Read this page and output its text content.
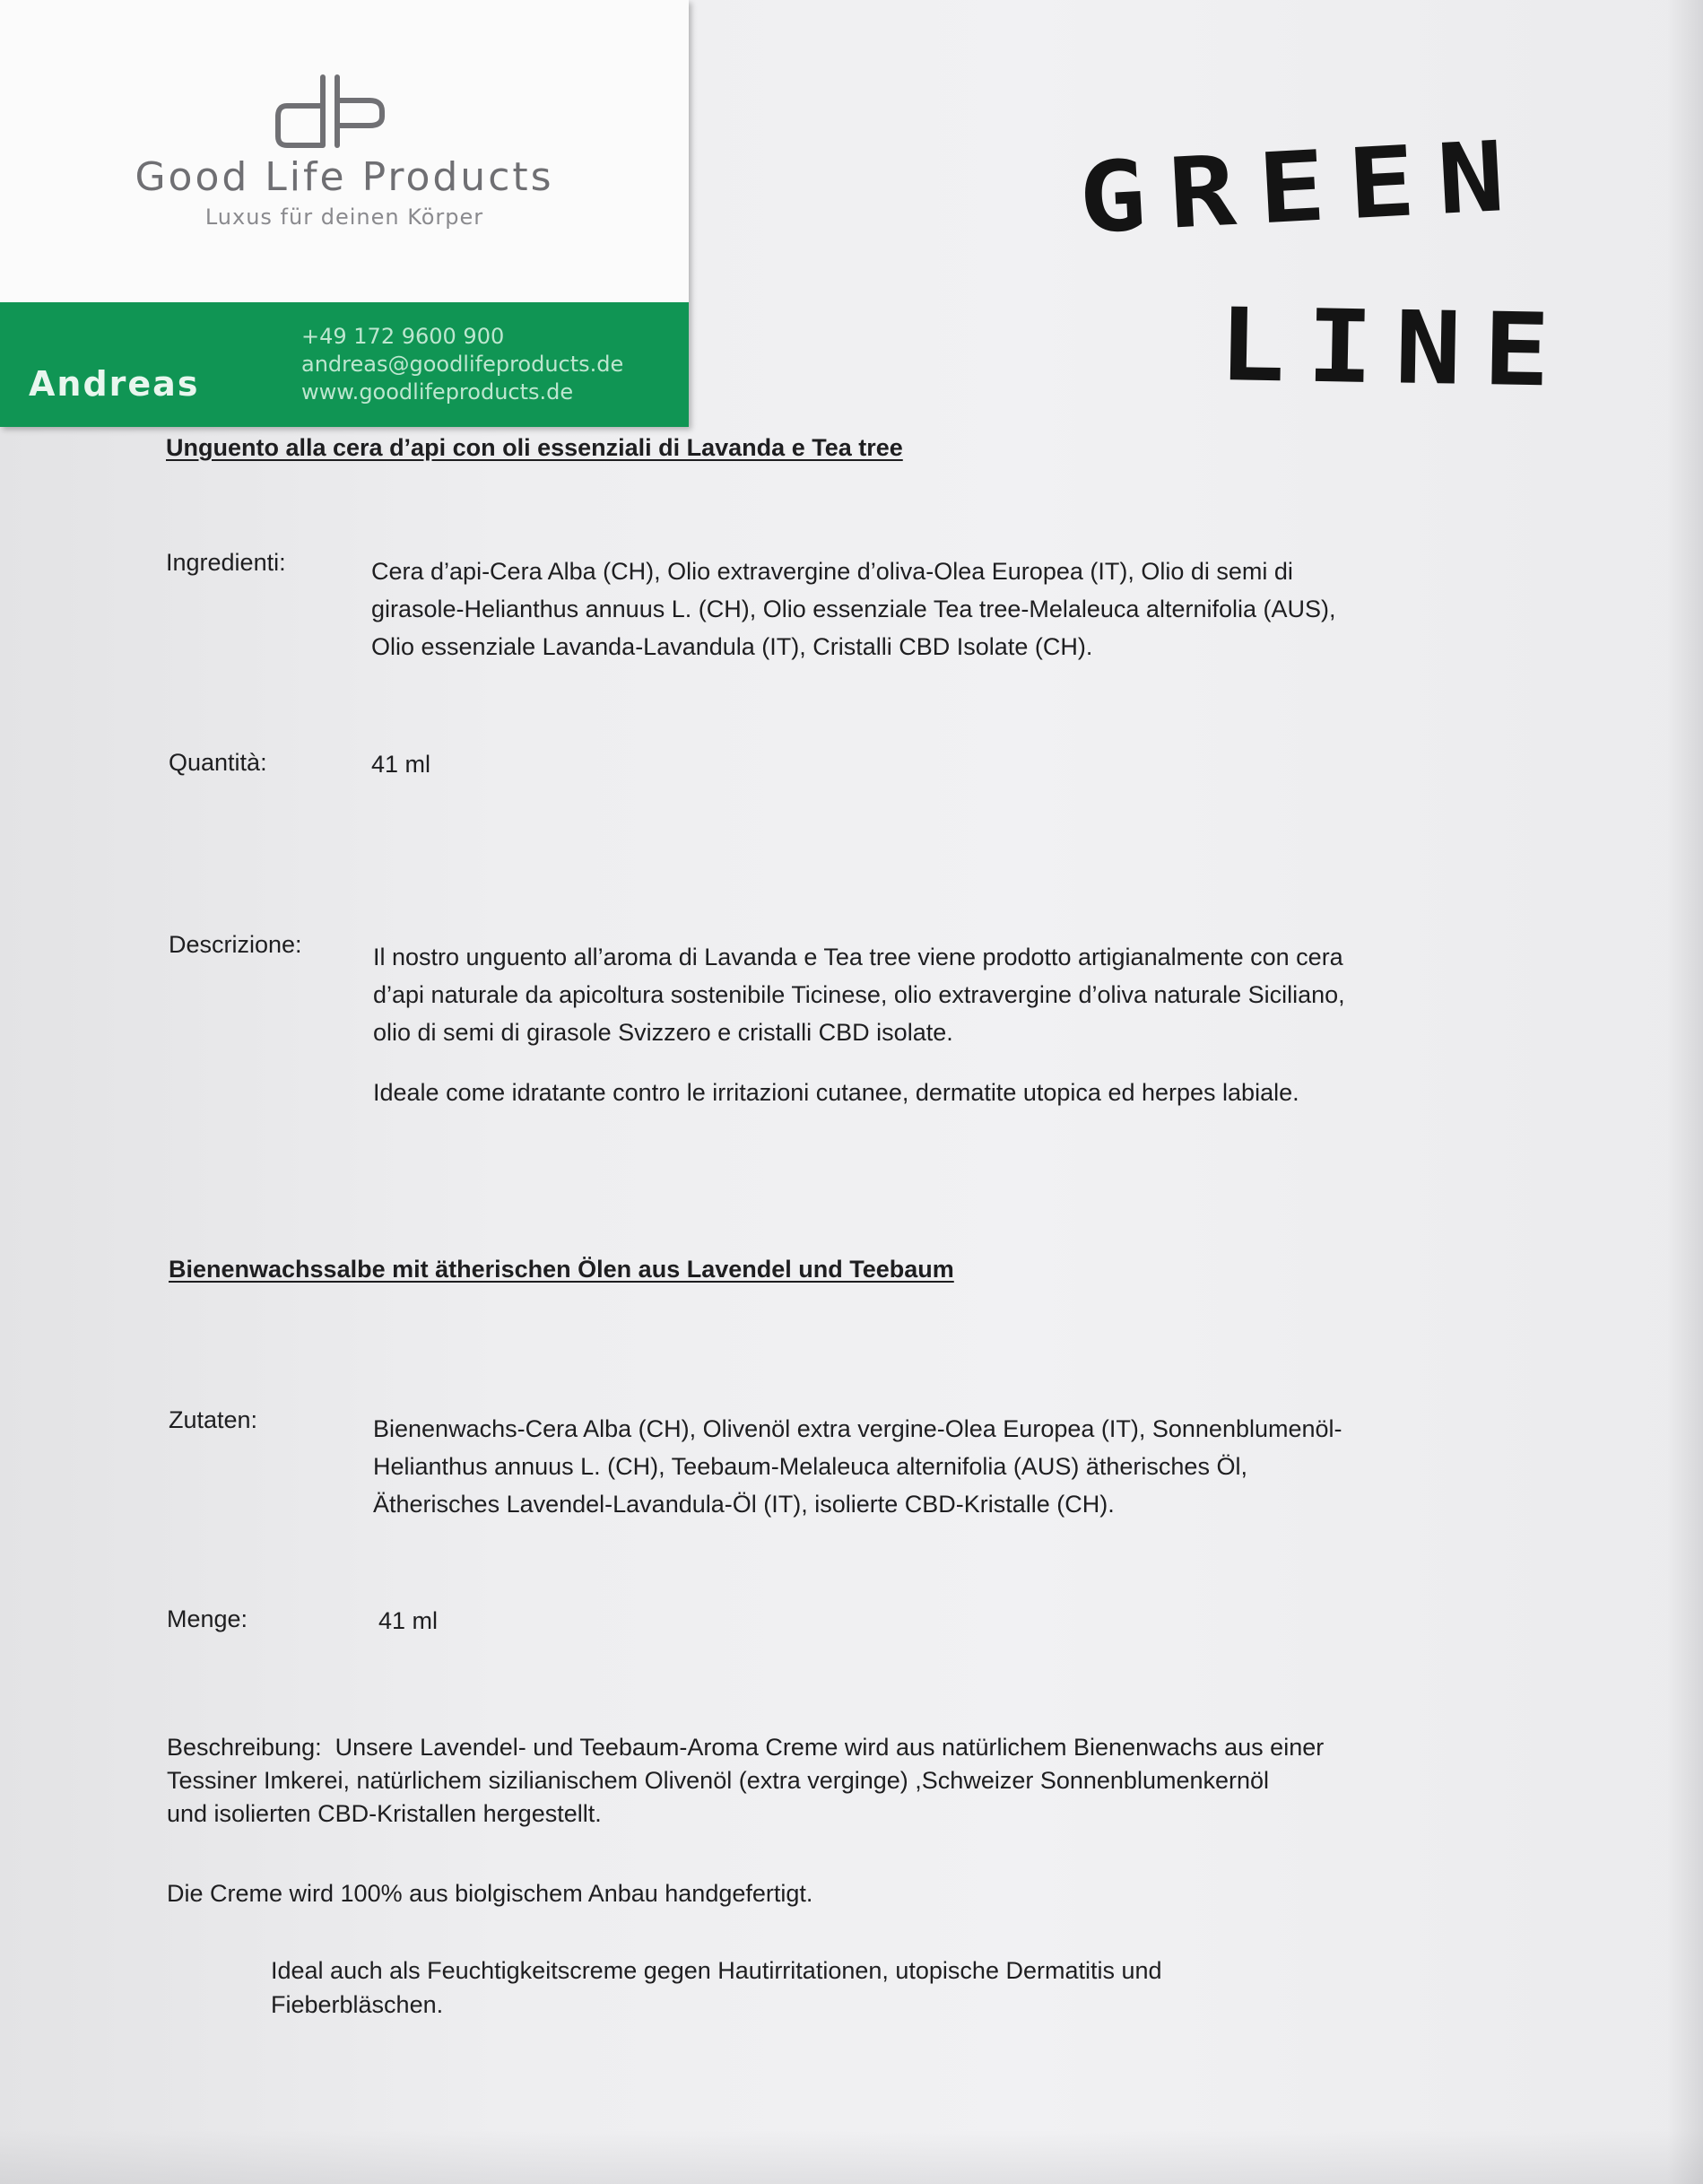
Good Life Products
Luxus für deinen Körper
Andreas
+49 172 9600 900
andreas@goodlifeproducts.de
www.goodlifeproducts.de
GREEN
LINE
Unguento alla cera d’api con oli essenziali di Lavanda e Tea tree
Ingredienti:	Cera d’api-Cera Alba (CH), Olio extravergine d’oliva-Olea Europea (IT), Olio di semi di
girasole-Helianthus annuus L. (CH), Olio essenziale Tea tree-Melaleuca alternifolia (AUS),
Olio essenziale Lavanda-Lavandula (IT), Cristalli CBD Isolate (CH).
Quantità:	41 ml
Descrizione:	Il nostro unguento all’aroma di Lavanda e Tea tree viene prodotto artigianalmente con cera
d’api naturale da apicoltura sostenibile Ticinese, olio extravergine d’oliva naturale Siciliano,
olio di semi di girasole Svizzero e cristalli CBD isolate.
Ideale come idratante contro le irritazioni cutanee, dermatite utopica ed herpes labiale.
Bienenwachssalbe mit ätherischen Ölen aus Lavendel und Teebaum
Zutaten:	Bienenwachs-Cera Alba (CH), Olivenöl extra vergine-Olea Europea (IT), Sonnenblumenöl-
Helianthus annuus L. (CH), Teebaum-Melaleuca alternifolia (AUS) ätherisches Öl,
Ätherisches Lavendel-Lavandula-Öl (IT), isolierte CBD-Kristalle (CH).
Menge:	41 ml
Beschreibung: Unsere Lavendel- und Teebaum-Aroma Creme wird aus natürlichem Bienenwachs aus einer
Tessiner Imkerei, natürlichem sizilianischem Olivenöl (extra verginge) ,Schweizer Sonnenblumenkernöl
und isolierten CBD-Kristallen hergestellt.
Die Creme wird 100% aus biolgischem Anbau handgefertigt.
Ideal auch als Feuchtigkeitscreme gegen Hautirritationen, utopische Dermatitis und
Fieberbläschen.
